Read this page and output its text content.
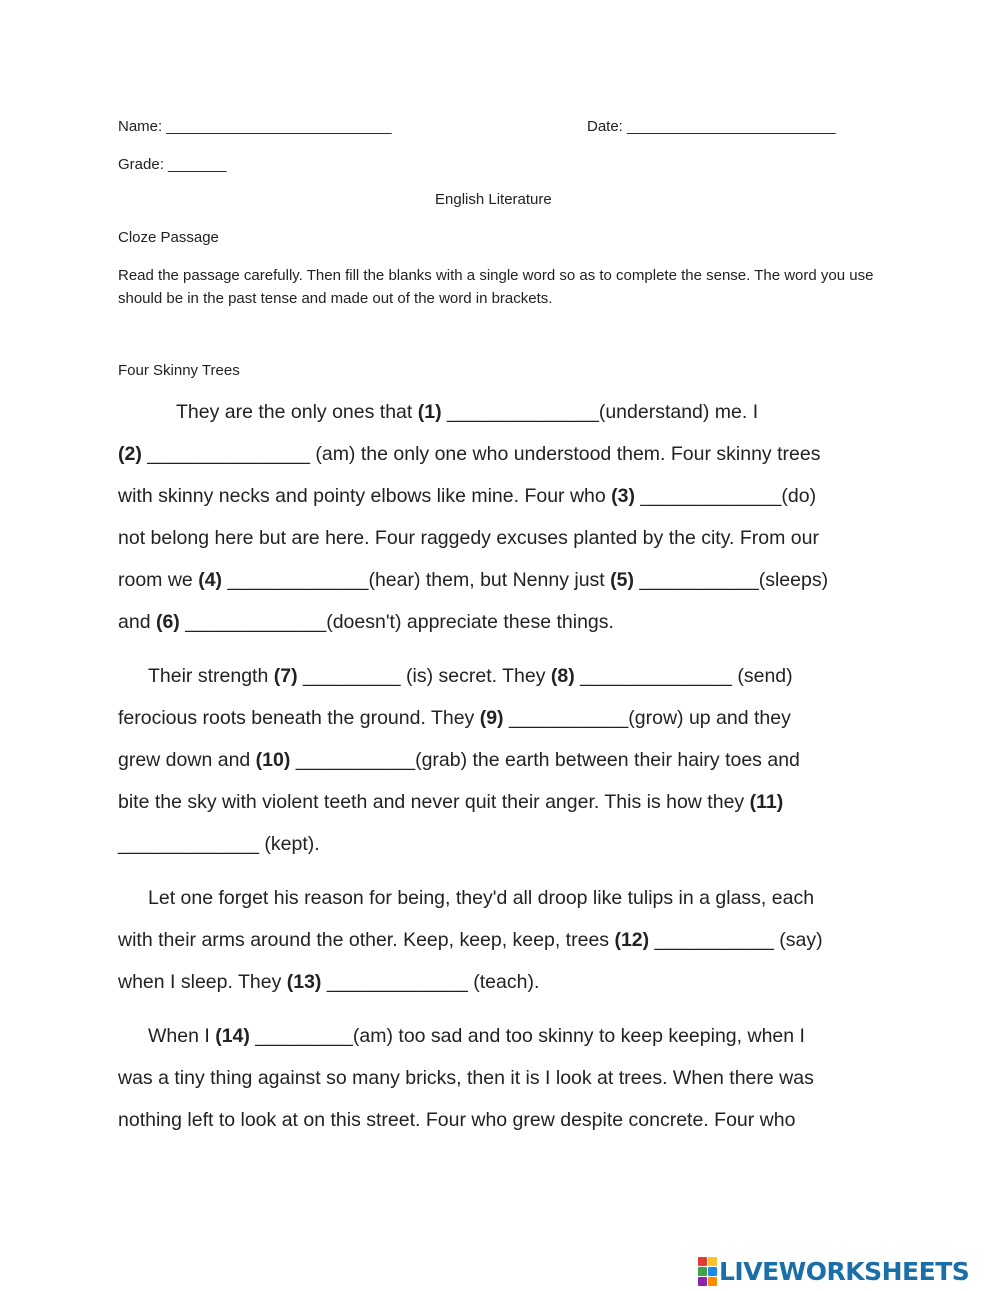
Name: ___________________________	Date: _________________________
Grade: _______
English Literature
Cloze Passage
Read the passage carefully. Then fill the blanks with a single word so as to complete the sense. The word you use should be in the past tense and made out of the word in brackets.
Four Skinny Trees
They are the only ones that (1) ______________(understand) me. I
(2) _______________ (am) the only one who understood them. Four skinny trees
with skinny necks and pointy elbows like mine. Four who (3) _____________(do)
not belong here but are here. Four raggedy excuses planted by the city. From our
room we (4) _____________(hear) them, but Nenny just (5) ___________(sleeps)
and (6) _____________(doesn't) appreciate these things.
Their strength (7) _________ (is) secret. They (8) ______________ (send)
ferocious roots beneath the ground. They (9) ___________(grow) up and they
grew down and (10) ___________(grab) the earth between their hairy toes and
bite the sky with violent teeth and never quit their anger. This is how they (11)
_____________ (kept).
Let one forget his reason for being, they'd all droop like tulips in a glass, each
with their arms around the other. Keep, keep, keep, trees (12) ___________ (say)
when I sleep. They (13) _____________ (teach).
When I (14) _________(am) too sad and too skinny to keep keeping, when I
was a tiny thing against so many bricks, then it is I look at trees. When there was
nothing left to look at on this street. Four who grew despite concrete. Four who
LIVEWORKSHEETS
